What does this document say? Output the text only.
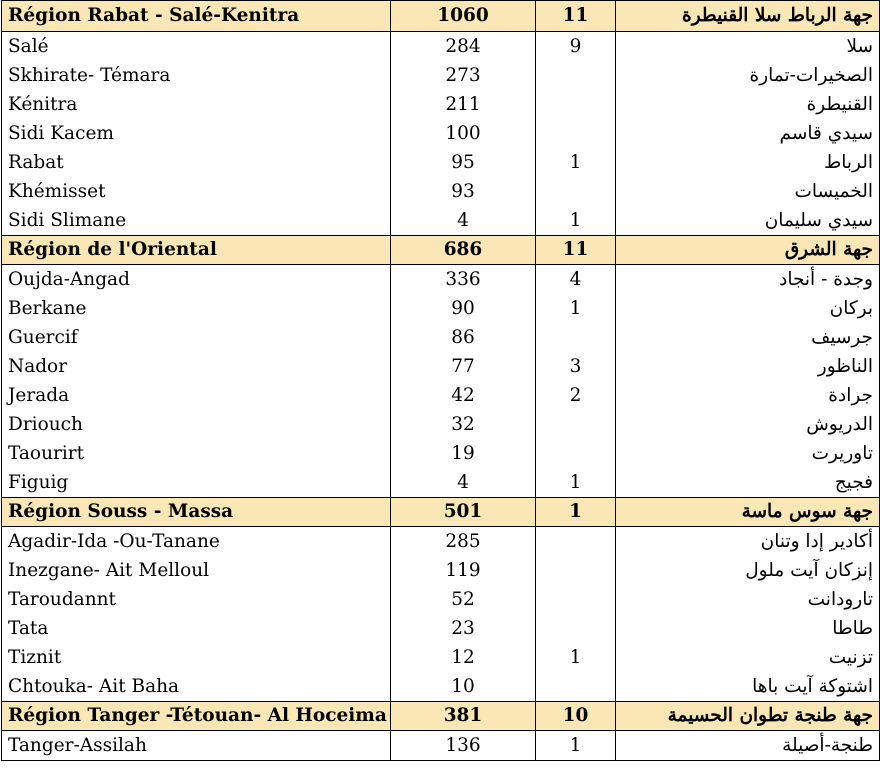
Région Rabat - Salé-Kenitra	1060	11	جهة الرباط سلا القنيطرة
Salé	284	9	سلا
Skhirate- Témara	273		الصخيرات-تمارة
Kénitra	211		القنيطرة
Sidi Kacem	100		سيدي قاسم
Rabat	95	1	الرباط
Khémisset	93		الخميسات
Sidi Slimane	4	1	سيدي سليمان
Région de l'Oriental	686	11	جهة الشرق
Oujda-Angad	336	4	وجدة - أنجاد
Berkane	90	1	بركان
Guercif	86		جرسيف
Nador	77	3	الناظور
Jerada	42	2	جرادة
Driouch	32		الدريوش
Taourirt	19		تاوريرت
Figuig	4	1	فجيج
Région Souss - Massa	501	1	جهة سوس ماسة
Agadir-Ida -Ou-Tanane	285		أكادير إدا وتنان
Inezgane- Ait Melloul	119		إنزكان آيت ملول
Taroudannt	52		تارودانت
Tata	23		طاطا
Tiznit	12	1	تزنيت
Chtouka- Ait Baha	10		اشتوكة آيت باها
Région Tanger -Tétouan- Al Hoceima	381	10	جهة طنجة تطوان الحسيمة
Tanger-Assilah	136	1	طنجة-أصيلة
